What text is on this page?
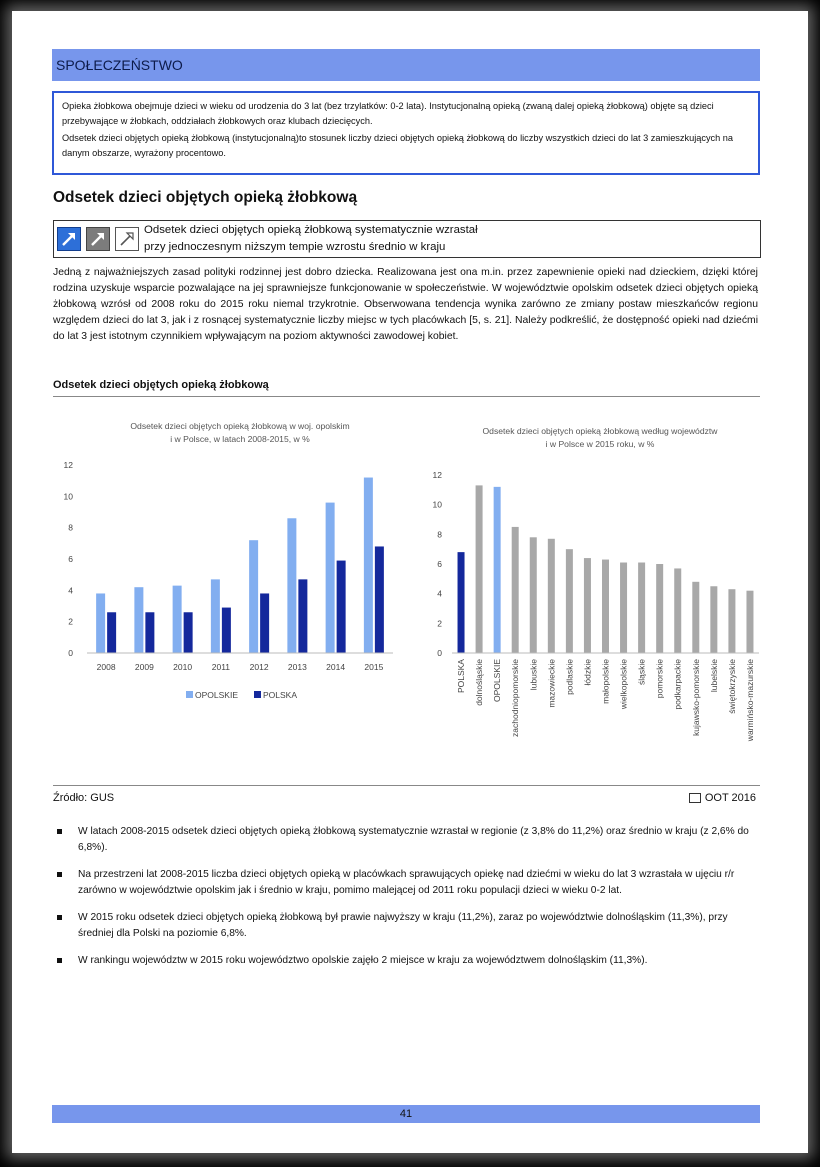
SPOŁECZEŃSTWO

Opieka żłobkowa obejmuje dzieci w wieku od urodzenia do 3 lat (bez trzylatków: 0-2 lata). Instytucjonalną opieką (zwaną dalej opieką żłobkową) objęte są dzieci przebywające w żłobkach, oddziałach żłobkowych oraz klubach dziecięcych.

Odsetek dzieci objętych opieką żłobkową (instytucjonalną)to stosunek liczby dzieci objętych opieką żłobkową do liczby wszystkich dzieci do lat 3 zamieszkujących na danym obszarze, wyrażony procentowo.

Odsetek dzieci objętych opieką żłobkową
Odsetek dzieci objętych opieką żłobkową systematycznie wzrastał
przy jednoczesnym niższym tempie wzrostu średnio w kraju
Jedną z najważniejszych zasad polityki rodzinnej jest dobro dziecka. Realizowana jest ona m.in. przez zapewnienie opieki nad dzieckiem, dzięki której rodzina uzyskuje wsparcie pozwalające na jej sprawniejsze funkcjonowanie w społeczeństwie. W województwie opolskim odsetek dzieci objętych opieką żłobkową wzrósł od 2008 roku do 2015 roku niemal trzykrotnie. Obserwowana tendencja wynika zarówno ze zmiany postaw mieszkańców regionu względem dzieci do lat 3, jak i z rosnącej systematycznie liczby miejsc w tych placówkach [5, s. 21]. Należy podkreślić, że dostępność opieki nad dziećmi do lat 3 jest istotnym czynnikiem wpływającym na poziom aktywności zawodowej kobiet.
Odsetek dzieci objętych opieką żłobkową
Odsetek dzieci objętych opieką żłobkową w woj. opolskim
i w Polsce, w latach 2008-2015, w %
0
2
4
6
8
10
12
2008 2009 2010 2011 2012 2013 2014 2015
OPOLSKIE	POLSKA
Odsetek dzieci objętych opieką żłobkową według województw
i w Polsce w 2015 roku, w %
0
2
4
6
8
10
12
POLSKA dolnośląskie OPOLSKIE zachodniopomorskie lubuskie mazowieckie podlaskie łódzkie małopolskie wielkopolskie śląskie pomorskie podkarpackie kujawsko-pomorskie lubelskie świętokrzyskie warmińsko-mazurskie
Źródło: GUS	OOT 2016
W latach 2008-2015 odsetek dzieci objętych opieką żłobkową systematycznie wzrastał w regionie (z 3,8% do 11,2%) oraz średnio w kraju (z 2,6% do 6,8%).
Na przestrzeni lat 2008-2015 liczba dzieci objętych opieką w placówkach sprawujących opiekę nad dziećmi w wieku do lat 3 wzrastała w ujęciu r/r zarówno w województwie opolskim jak i średnio w kraju, pomimo malejącej od 2011 roku populacji dzieci w wieku 0-2 lat.
W 2015 roku odsetek dzieci objętych opieką żłobkową był prawie najwyższy w kraju (11,2%), zaraz po województwie dolnośląskim (11,3%), przy średniej dla Polski na poziomie 6,8%.
W rankingu województw w 2015 roku województwo opolskie zajęło 2 miejsce w kraju za województwem dolnośląskim (11,3%).
41
